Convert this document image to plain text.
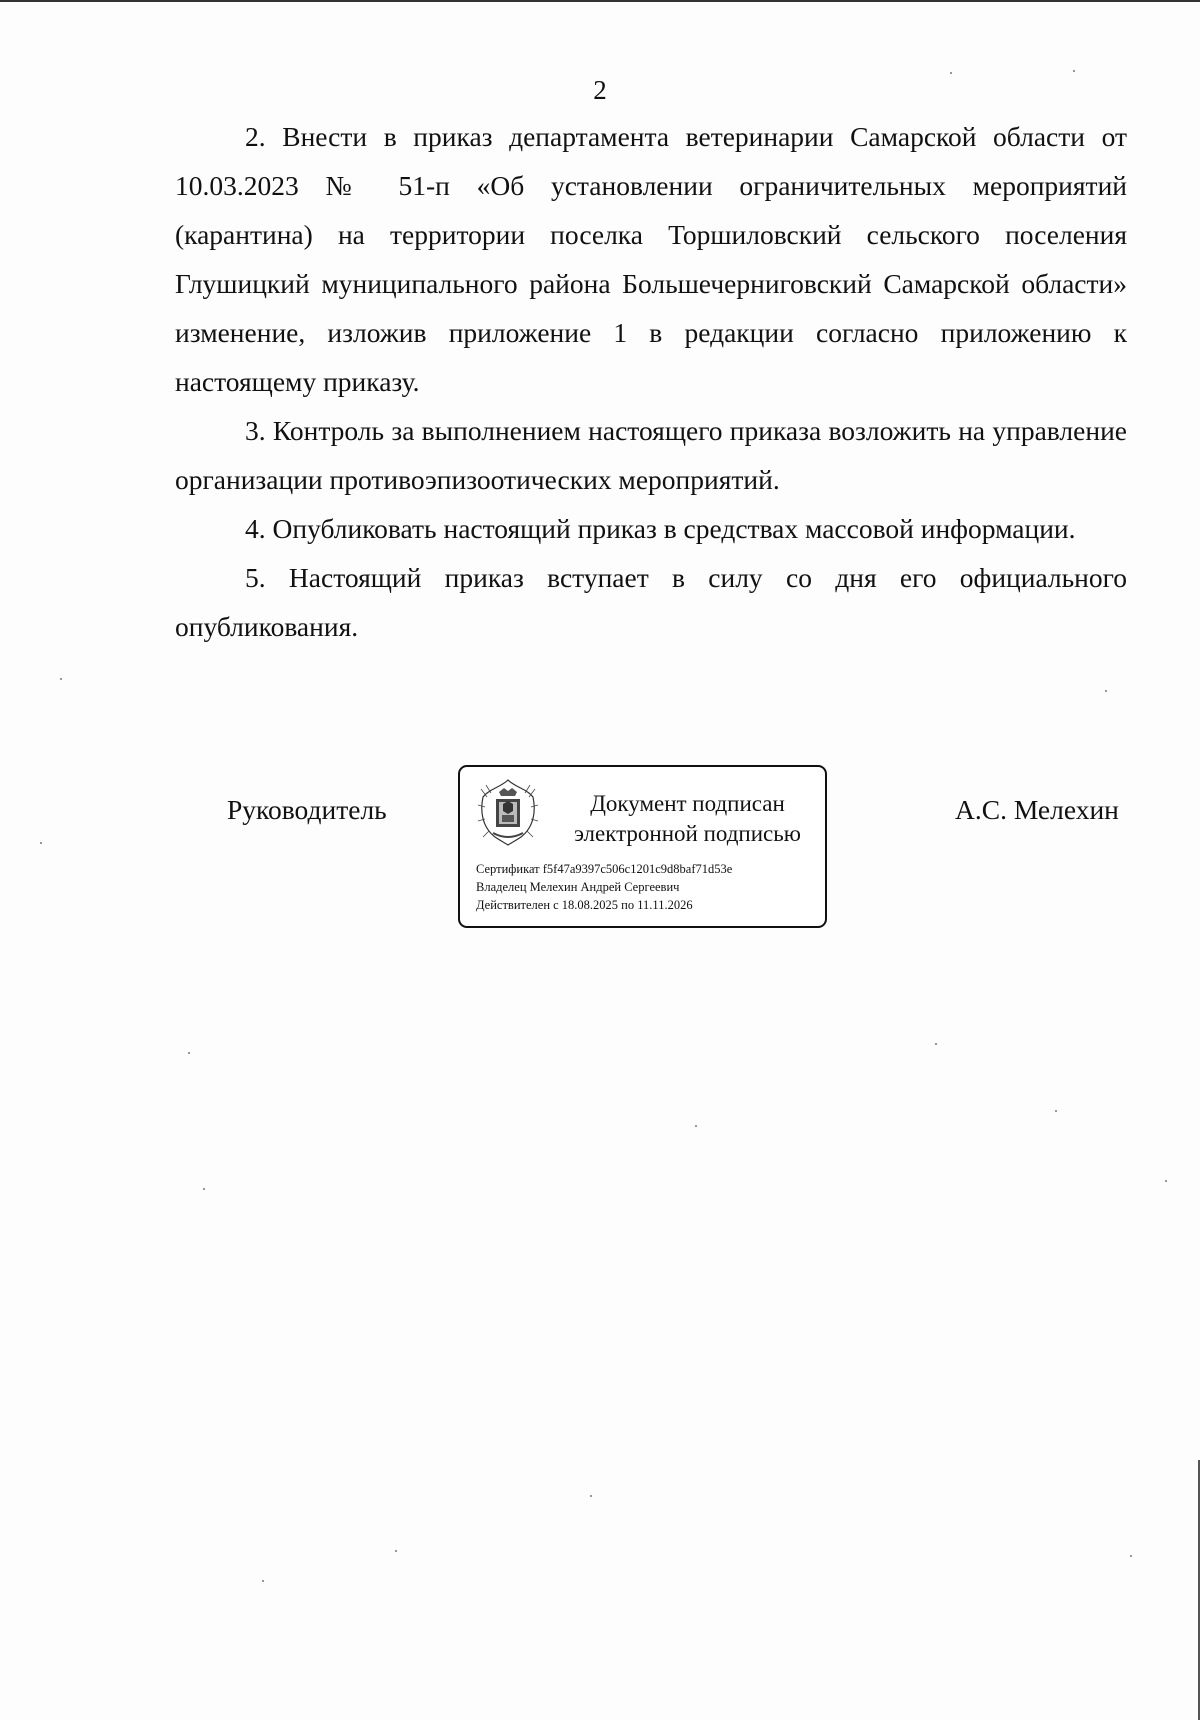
2

2. Внести в приказ департамента ветеринарии Самарской области от 10.03.2023 № 51-п «Об установлении ограничительных мероприятий (карантина) на территории поселка Торшиловский сельского поселения Глушицкий муниципального района Большечерниговский Самарской области» изменение, изложив приложение 1 в редакции согласно приложению к настоящему приказу.

3. Контроль за выполнением настоящего приказа возложить на управление организации противоэпизоотических мероприятий.

4. Опубликовать настоящий приказ в средствах массовой информации.

5. Настоящий приказ вступает в силу со дня его официального опубликования.

Руководитель	Документ подписан
электронной подписью
Сертификат f5f47a9397c506c1201c9d8baf71d53e
Владелец Мелехин Андрей Сергеевич
Действителен с 18.08.2025 по 11.11.2026
А.С. Мелехин
